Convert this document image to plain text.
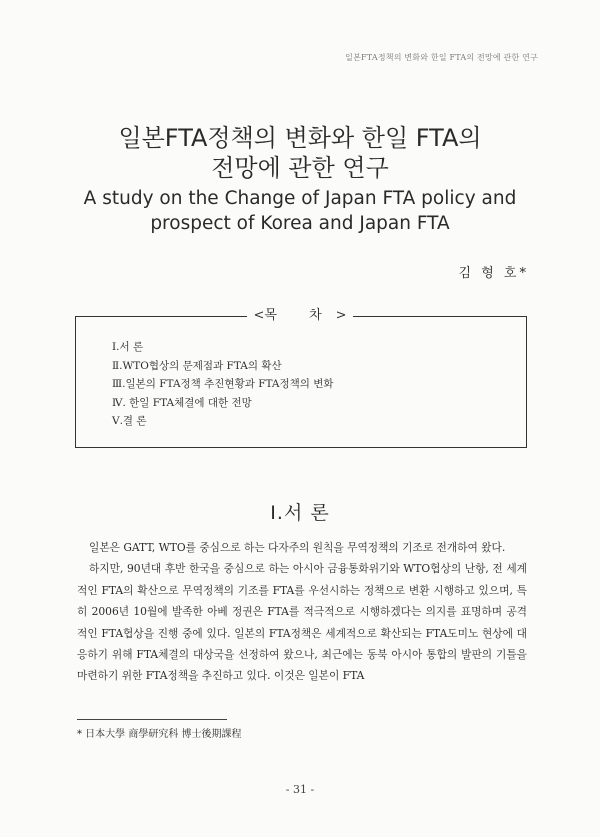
일본FTA정책의 변화와 한일 FTA의 전망에 관한 연구
일본FTA정책의 변화와 한일 FTA의
전망에 관한 연구
A study on the Change of Japan FTA policy and
prospect of Korea and Japan FTA
김 형 호*
<목 차>
Ⅰ.서 론
Ⅱ.WTO협상의 문제점과 FTA의 확산
Ⅲ.일본의 FTA정책 추진현황과 FTA정책의 변화
Ⅳ. 한일 FTA체결에 대한 전망
Ⅴ.결 론
Ⅰ.서 론

일본은 GATT, WTO를 중심으로 하는 다자주의 원칙을 무역정책의 기조로 전개하여 왔다.

하지만, 90년대 후반 한국을 중심으로 하는 아시아 금융통화위기와 WTO협상의 난항, 전 세계적인 FTA의 확산으로 무역정책의 기조를 FTA를 우선시하는 정책으로 변환 시행하고 있으며, 특히 2006년 10월에 발족한 아베 정권은 FTA를 적극적으로 시행하겠다는 의지를 표명하며 공격적인 FTA협상을 진행 중에 있다. 일본의 FTA정책은 세계적으로 확산되는 FTA도미노 현상에 대응하기 위해 FTA체결의 대상국을 선정하여 왔으나, 최근에는 동북 아시아 통합의 발판의 기틀을 마련하기 위한 FTA정책을 추진하고 있다. 이것은 일본이 FTA

* 日本大學 商學研究科 博士後期課程
- 31 -
